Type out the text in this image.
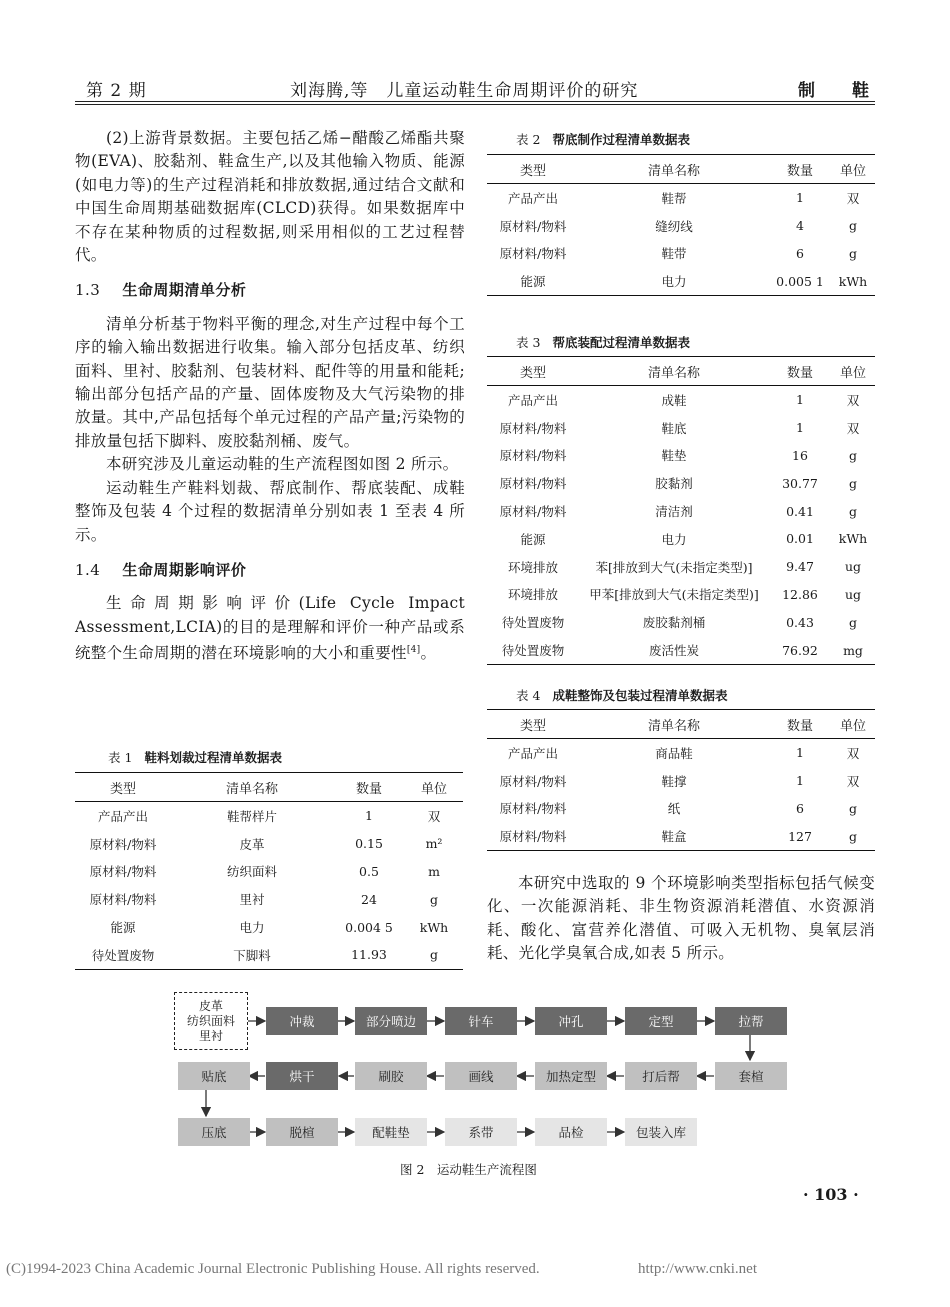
第 2 期	刘海腾,等　儿童运动鞋生命周期评价的研究	制　　鞋

(2)上游背景数据。主要包括乙烯−醋酸乙烯酯共聚物(EVA)、胶黏剂、鞋盒生产,以及其他输入物质、能源(如电力等)的生产过程消耗和排放数据,通过结合文献和中国生命周期基础数据库(CLCD)获得。如果数据库中不存在某种物质的过程数据,则采用相似的工艺过程替代。

1.3 生命周期清单分析

清单分析基于物料平衡的理念,对生产过程中每个工序的输入输出数据进行收集。输入部分包括皮革、纺织面料、里衬、胶黏剂、包装材料、配件等的用量和能耗;输出部分包括产品的产量、固体废物及大气污染物的排放量。其中,产品包括每个单元过程的产品产量;污染物的排放量包括下脚料、废胶黏剂桶、废气。

本研究涉及儿童运动鞋的生产流程图如图 2 所示。

运动鞋生产鞋料划裁、帮底制作、帮底装配、成鞋整饰及包装 4 个过程的数据清单分别如表 1 至表 4 所示。

1.4 生命周期影响评价

生命周期影响评价(Life Cycle Impact Assessment,LCIA)的目的是理解和评价一种产品或系统整个生命周期的潜在环境影响的大小和重要性[4]。

表 1 鞋料划裁过程清单数据表
类型	清单名称	数量	单位
产品产出	鞋帮样片	1	双
原材料/物料	皮革	0.15	m²
原材料/物料	纺织面料	0.5	m
原材料/物料	里衬	24	g
能源	电力	0.004 5	kWh
待处置废物	下脚料	11.93	g
表 2 帮底制作过程清单数据表
类型	清单名称	数量	单位
产品产出	鞋帮	1	双
原材料/物料	缝纫线	4	g
原材料/物料	鞋带	6	g
能源	电力	0.005 1	kWh
表 3 帮底装配过程清单数据表
类型	清单名称	数量	单位
产品产出	成鞋	1	双
原材料/物料	鞋底	1	双
原材料/物料	鞋垫	16	g
原材料/物料	胶黏剂	30.77	g
原材料/物料	清洁剂	0.41	g
能源	电力	0.01	kWh
环境排放	苯[排放到大气(未指定类型)]	9.47	ug
环境排放	甲苯[排放到大气(未指定类型)]	12.86	ug
待处置废物	废胶黏剂桶	0.43	g
待处置废物	废活性炭	76.92	mg
表 4 成鞋整饰及包装过程清单数据表
类型	清单名称	数量	单位
产品产出	商品鞋	1	双
原材料/物料	鞋撑	1	双
原材料/物料	纸	6	g
原材料/物料	鞋盒	127	g

本研究中选取的 9 个环境影响类型指标包括气候变化、一次能源消耗、非生物资源消耗潜值、水资源消耗、酸化、富营养化潜值、可吸入无机物、臭氧层消耗、光化学臭氧合成,如表 5 所示。

皮革
纺织面料
里衬
冲裁	部分喷边	针车	冲孔	定型	拉帮
贴底	烘干	刷胶	画线	加热定型	打后帮	套楦
压底	脱楦	配鞋垫	系带	品检	包装入库
图 2　运动鞋生产流程图
· 103 ·
(C)1994-2023 China Academic Journal Electronic Publishing House. All rights reserved.	http://www.cnki.net
